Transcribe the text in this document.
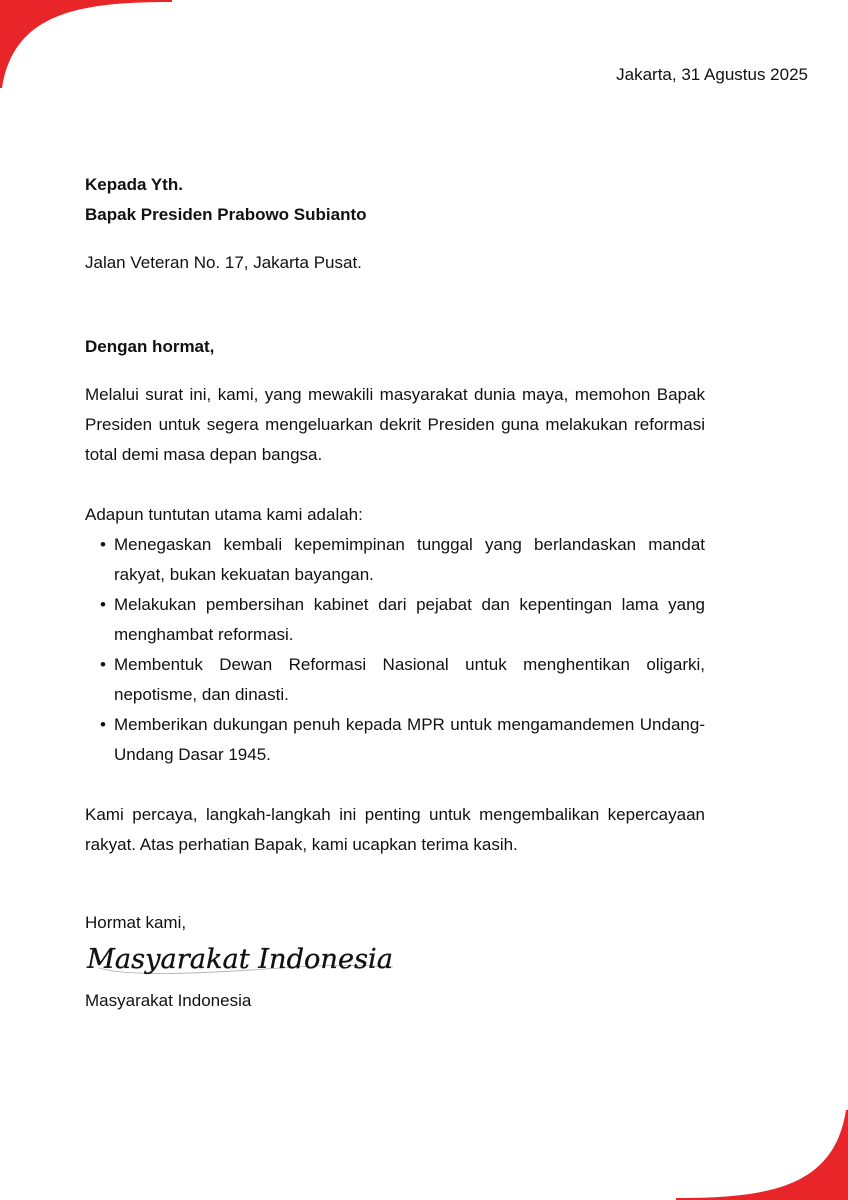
Jakarta, 31 Agustus 2025
Kepada Yth.
Bapak Presiden Prabowo Subianto
Jalan Veteran No. 17, Jakarta Pusat.
Dengan hormat,
Melalui surat ini, kami, yang mewakili masyarakat dunia maya, memohon Bapak Presiden untuk segera mengeluarkan dekrit Presiden guna melakukan reformasi total demi masa depan bangsa.
Adapun tuntutan utama kami adalah:
• Menegaskan kembali kepemimpinan tunggal yang berlandaskan mandat rakyat, bukan kekuatan bayangan.
• Melakukan pembersihan kabinet dari pejabat dan kepentingan lama yang menghambat reformasi.
• Membentuk Dewan Reformasi Nasional untuk menghentikan oligarki, nepotisme, dan dinasti.
• Memberikan dukungan penuh kepada MPR untuk mengamandemen Undang-Undang Dasar 1945.
Kami percaya, langkah-langkah ini penting untuk mengembalikan kepercayaan rakyat. Atas perhatian Bapak, kami ucapkan terima kasih.
Hormat kami,
Masyarakat Indonesia
Masyarakat Indonesia
